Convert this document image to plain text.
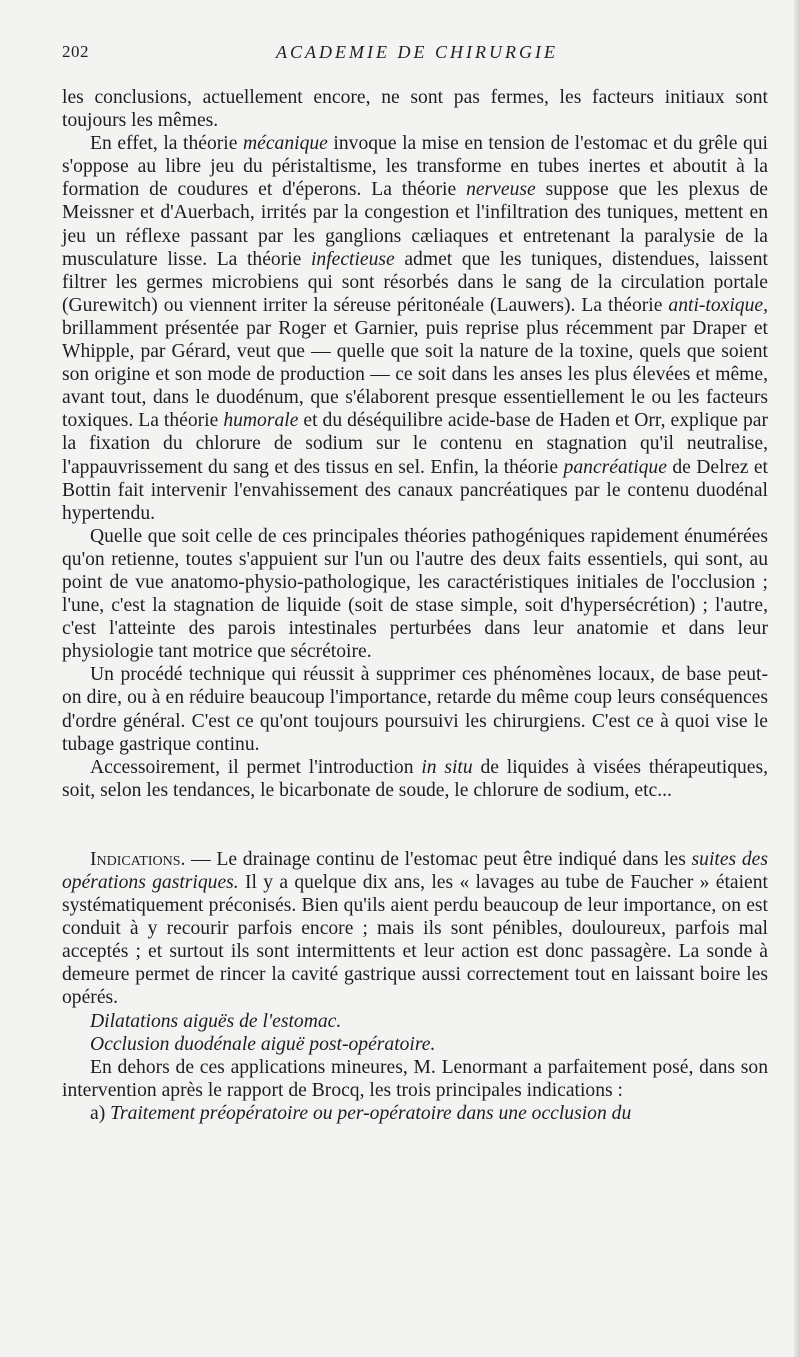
202	ACADEMIE DE CHIRURGIE

les conclusions, actuellement encore, ne sont pas fermes, les facteurs initiaux sont toujours les mêmes.

En effet, la théorie mécanique invoque la mise en tension de l'estomac et du grêle qui s'oppose au libre jeu du péristaltisme, les transforme en tubes inertes et aboutit à la formation de coudures et d'éperons. La théorie nerveuse suppose que les plexus de Meissner et d'Auerbach, irrités par la congestion et l'infiltration des tuniques, mettent en jeu un réflexe passant par les ganglions cæliaques et entretenant la paralysie de la musculature lisse. La théorie infectieuse admet que les tuniques, distendues, laissent filtrer les germes microbiens qui sont résorbés dans le sang de la circulation portale (Gurewitch) ou viennent irriter la séreuse péritonéale (Lauwers). La théorie anti-toxique, brillamment présentée par Roger et Garnier, puis reprise plus récemment par Draper et Whipple, par Gérard, veut que — quelle que soit la nature de la toxine, quels que soient son origine et son mode de production — ce soit dans les anses les plus élevées et même, avant tout, dans le duodénum, que s'élaborent presque essentiellement le ou les facteurs toxiques. La théorie humorale et du déséquilibre acide-base de Haden et Orr, explique par la fixation du chlorure de sodium sur le contenu en stagnation qu'il neutralise, l'appauvrissement du sang et des tissus en sel. Enfin, la théorie pancréatique de Delrez et Bottin fait intervenir l'envahissement des canaux pancréatiques par le contenu duodénal hypertendu.

Quelle que soit celle de ces principales théories pathogéniques rapidement énumérées qu'on retienne, toutes s'appuient sur l'un ou l'autre des deux faits essentiels, qui sont, au point de vue anatomo-physio-pathologique, les caractéristiques initiales de l'occlusion ; l'une, c'est la stagnation de liquide (soit de stase simple, soit d'hypersécrétion) ; l'autre, c'est l'atteinte des parois intestinales perturbées dans leur anatomie et dans leur physiologie tant motrice que sécrétoire.

Un procédé technique qui réussit à supprimer ces phénomènes locaux, de base peut-on dire, ou à en réduire beaucoup l'importance, retarde du même coup leurs conséquences d'ordre général. C'est ce qu'ont toujours poursuivi les chirurgiens. C'est ce à quoi vise le tubage gastrique continu.

Accessoirement, il permet l'introduction in situ de liquides à visées thérapeutiques, soit, selon les tendances, le bicarbonate de soude, le chlorure de sodium, etc...

Indications. — Le drainage continu de l'estomac peut être indiqué dans les suites des opérations gastriques. Il y a quelque dix ans, les « lavages au tube de Faucher » étaient systématiquement préconisés. Bien qu'ils aient perdu beaucoup de leur importance, on est conduit à y recourir parfois encore ; mais ils sont pénibles, douloureux, parfois mal acceptés ; et surtout ils sont intermittents et leur action est donc passagère. La sonde à demeure permet de rincer la cavité gastrique aussi correctement tout en laissant boire les opérés.

Dilatations aiguës de l'estomac.

Occlusion duodénale aiguë post-opératoire.

En dehors de ces applications mineures, M. Lenormant a parfaitement posé, dans son intervention après le rapport de Brocq, les trois principales indications :

a) Traitement préopératoire ou per-opératoire dans une occlusion du
